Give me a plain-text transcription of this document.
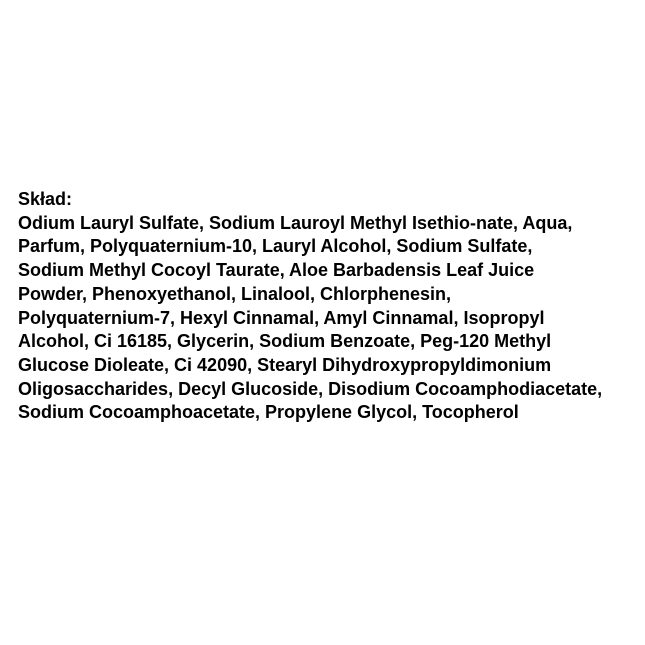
Skład:
Odium Lauryl Sulfate, Sodium Lauroyl Methyl Isethio-nate, Aqua,
Parfum, Polyquaternium-10, Lauryl Alcohol, Sodium Sulfate,
Sodium Methyl Cocoyl Taurate, Aloe Barbadensis Leaf Juice
Powder, Phenoxyethanol, Linalool, Chlorphenesin,
Polyquaternium-7, Hexyl Cinnamal, Amyl Cinnamal, Isopropyl
Alcohol, Ci 16185, Glycerin, Sodium Benzoate, Peg-120 Methyl
Glucose Dioleate, Ci 42090, Stearyl Dihydroxypropyldimonium
Oligosaccharides, Decyl Glucoside, Disodium Cocoamphodiacetate,
Sodium Cocoamphoacetate, Propylene Glycol, Tocopherol
